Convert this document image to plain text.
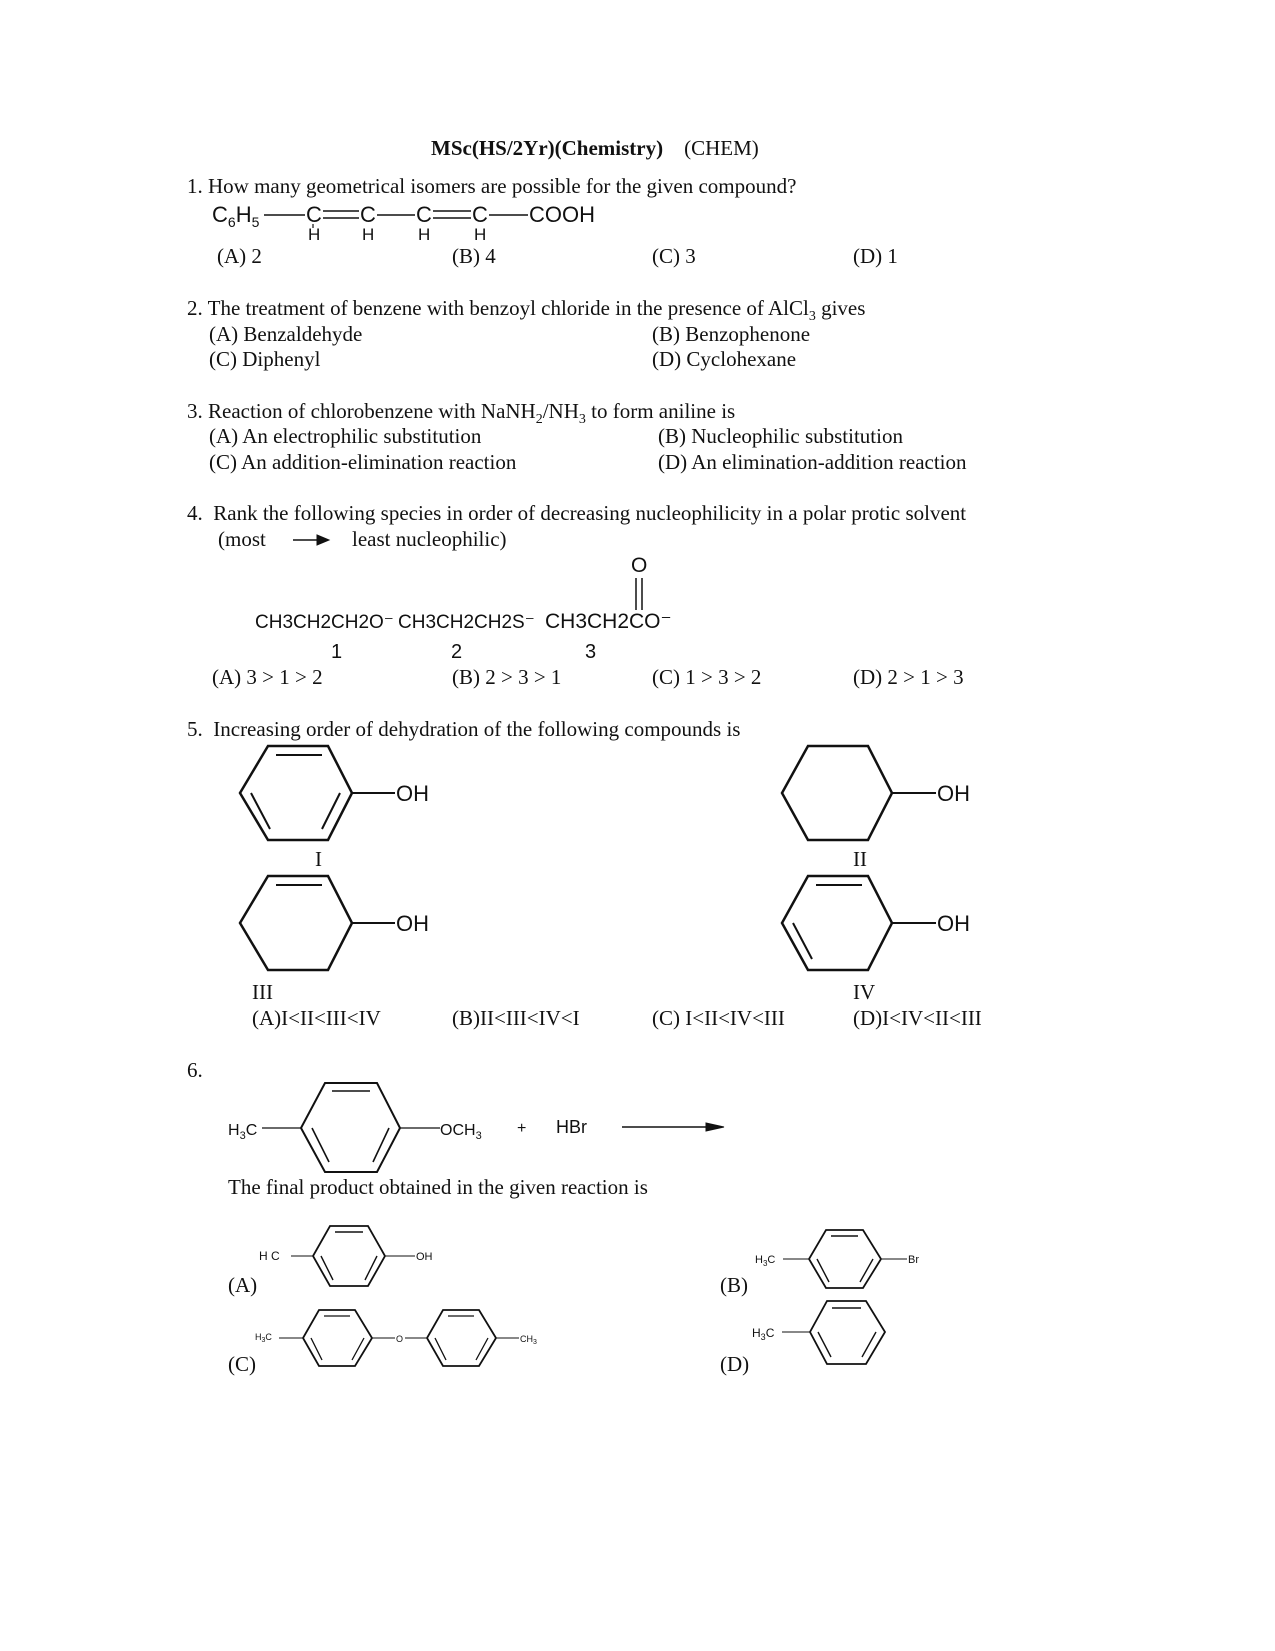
MSc(HS/2Yr)(Chemistry) (CHEM)
1. How many geometrical isomers are possible for the given compound?
$C_6H_5$ C
H
C
H
C
H
C
H
COOH
(A) 2	(B) 4	(C) 3	(D) 1
2. The treatment of benzene with benzoyl chloride in the presence of AlCl$_3$ gives
(A) Benzaldehyde	(B) Benzophenone
(C) Diphenyl	(D) Cyclohexane
3. Reaction of chlorobenzene with $NaNH_2/NH_3$ to form aniline is
(A) An electrophilic substitution	(B) Nucleophilic substitution
(C) An addition-elimination reaction	(D) An elimination-addition reaction
4. Rank the following species in order of decreasing nucleophilicity in a polar protic solvent
(most	least nucleophilic)
CH3CH2CH2O⁻ CH3CH2CH2S⁻ CH3CH2CO⁻
O
1	2	3
(A) 3 > 1 > 2	(B) 2 > 3 > 1	(C) 1 > 3 > 2	(D) 2 > 1 > 3
5. Increasing order of dehydration of the following compounds is
OH
I
OH
II
OH
III
OH
IV
(A)I<II<III<IV	(B)II<III<IV<I	(C) I<II<IV<III	(D)I<IV<II<III
6.
$H_3C$	$OCH_3$ + HBr
The final product obtained in the given reaction is
H C	OH
(A)
$H_3C$	Br
(B)
$H_3C$	O	$CH_3$
(C)
$H_3C$
(D)
